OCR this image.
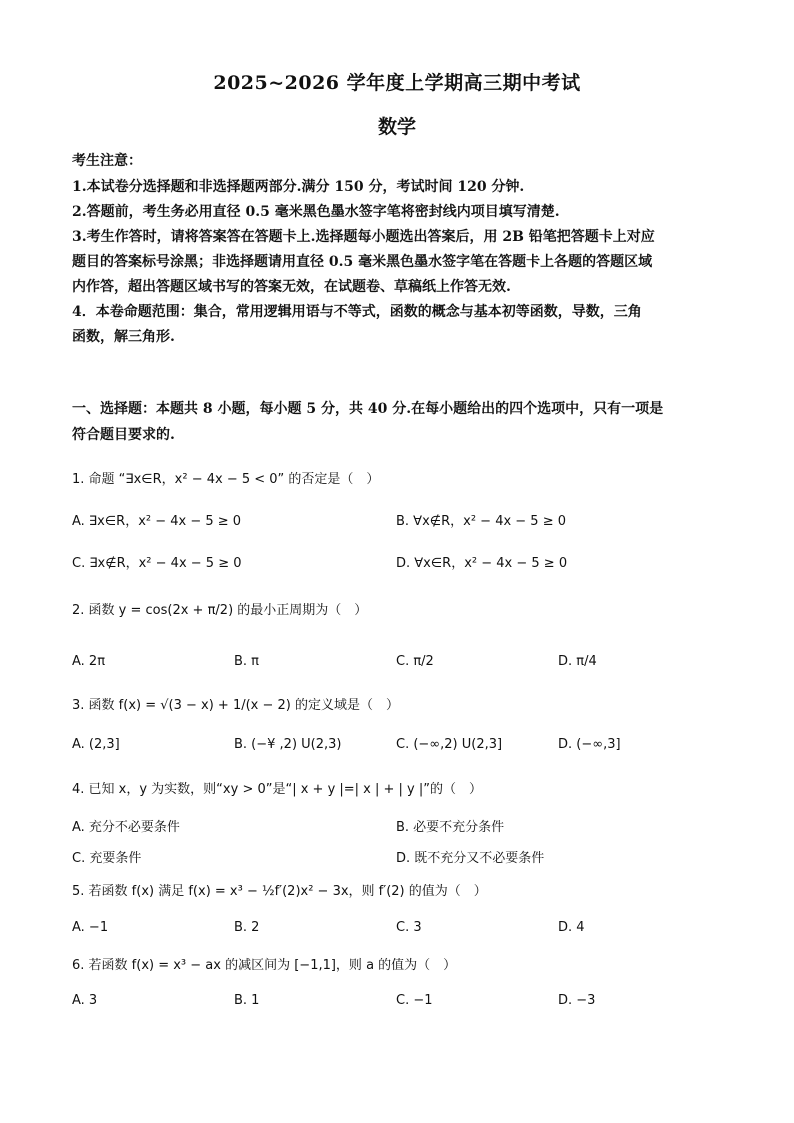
2025~2026 学年度上学期高三期中考试
数学
考生注意：

1.本试卷分选择题和非选择题两部分.满分 150 分，考试时间 120 分钟.

2.答题前，考生务必用直径 0.5 毫米黑色墨水签字笔将密封线内项目填写清楚.

3.考生作答时，请将答案答在答题卡上.选择题每小题选出答案后，用 2B 铅笔把答题卡上对应

题目的答案标号涂黑；非选择题请用直径 0.5 毫米黑色墨水签字笔在答题卡上各题的答题区域

内作答，超出答题区域书写的答案无效，在试题卷、草稿纸上作答无效.

4．本卷命题范围：集合，常用逻辑用语与不等式，函数的概念与基本初等函数，导数，三角

函数，解三角形.

一、选择题：本题共 8 小题，每小题 5 分，共 40 分.在每小题给出的四个选项中，只有一项是
符合题目要求的.
1. 命题 “∃x∈R，x² − 4x − 5 < 0” 的否定是（　）
A. ∃x∈R，x² − 4x − 5 ≥ 0	B. ∀x∉R，x² − 4x − 5 ≥ 0
C. ∃x∉R，x² − 4x − 5 ≥ 0	D. ∀x∈R，x² − 4x − 5 ≥ 0
2. 函数 y = cos(2x + π/2) 的最小正周期为（　）
A. 2π	B. π	C. π/2	D. π/4
3. 函数 f(x) = √(3 − x) + 1/(x − 2) 的定义域是（　）
A. (2,3]	B. (−¥ ,2) U(2,3)	C. (−∞,2) U(2,3]	D. (−∞,3]
4. 已知 x，y 为实数，则“xy > 0”是“| x + y |=| x | + | y |”的（　）
A. 充分不必要条件	B. 必要不充分条件
C. 充要条件	D. 既不充分又不必要条件
5. 若函数 f(x) 满足 f(x) = x³ − ½f′(2)x² − 3x，则 f′(2) 的值为（　）
A. −1	B. 2	C. 3	D. 4
6. 若函数 f(x) = x³ − ax 的减区间为 [−1,1]，则 a 的值为（　）
A. 3	B. 1	C. −1	D. −3
